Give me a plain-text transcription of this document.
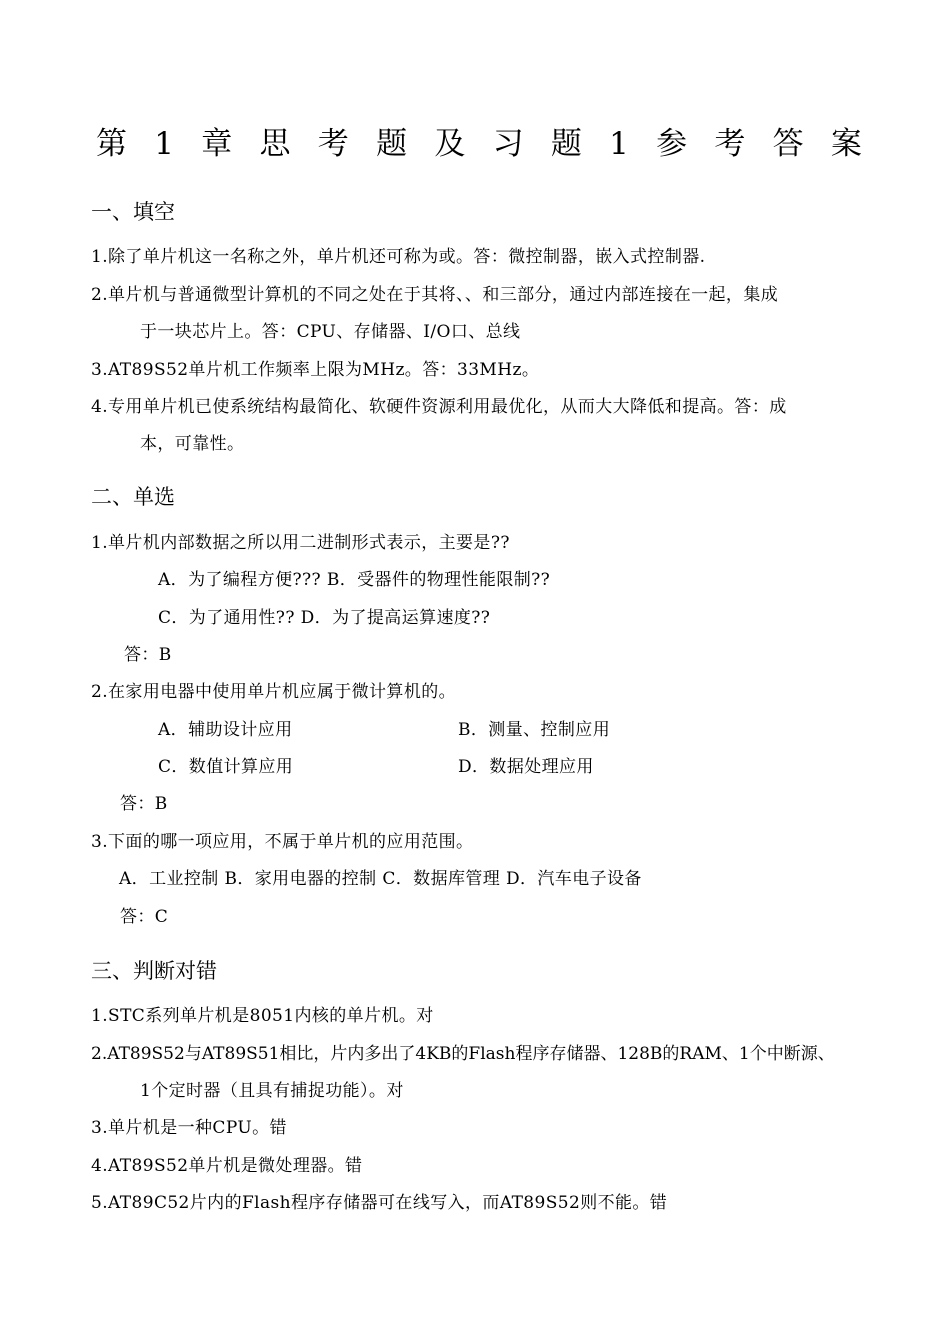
第 1 章 思 考 题 及 习 题 1 参 考 答 案
一、填空
1.除了单片机这一名称之外，单片机还可称为或。答：微控制器，嵌入式控制器.
2.单片机与普通微型计算机的不同之处在于其将、、和三部分，通过内部连接在一起，集成
于一块芯片上。答：CPU、存储器、I/O口、总线
3.AT89S52单片机工作频率上限为MHz。答：33MHz。
4.专用单片机已使系统结构最简化、软硬件资源利用最优化，从而大大降低和提高。答：成
本，可靠性。
二、单选
1.单片机内部数据之所以用二进制形式表示，主要是??
A．为了编程方便??? B．受器件的物理性能限制??
C．为了通用性?? D．为了提高运算速度??
答：B
2.在家用电器中使用单片机应属于微计算机的。
A．辅助设计应用	B．测量、控制应用
C．数值计算应用	D．数据处理应用
答：B
3.下面的哪一项应用，不属于单片机的应用范围。
A．工业控制 B．家用电器的控制 C．数据库管理 D．汽车电子设备
答：C
三、判断对错
1.STC系列单片机是8051内核的单片机。对
2.AT89S52与AT89S51相比，片内多出了4KB的Flash程序存储器、128B的RAM、1个中断源、
1个定时器（且具有捕捉功能）。对
3.单片机是一种CPU。错
4.AT89S52单片机是微处理器。错
5.AT89C52片内的Flash程序存储器可在线写入，而AT89S52则不能。错
